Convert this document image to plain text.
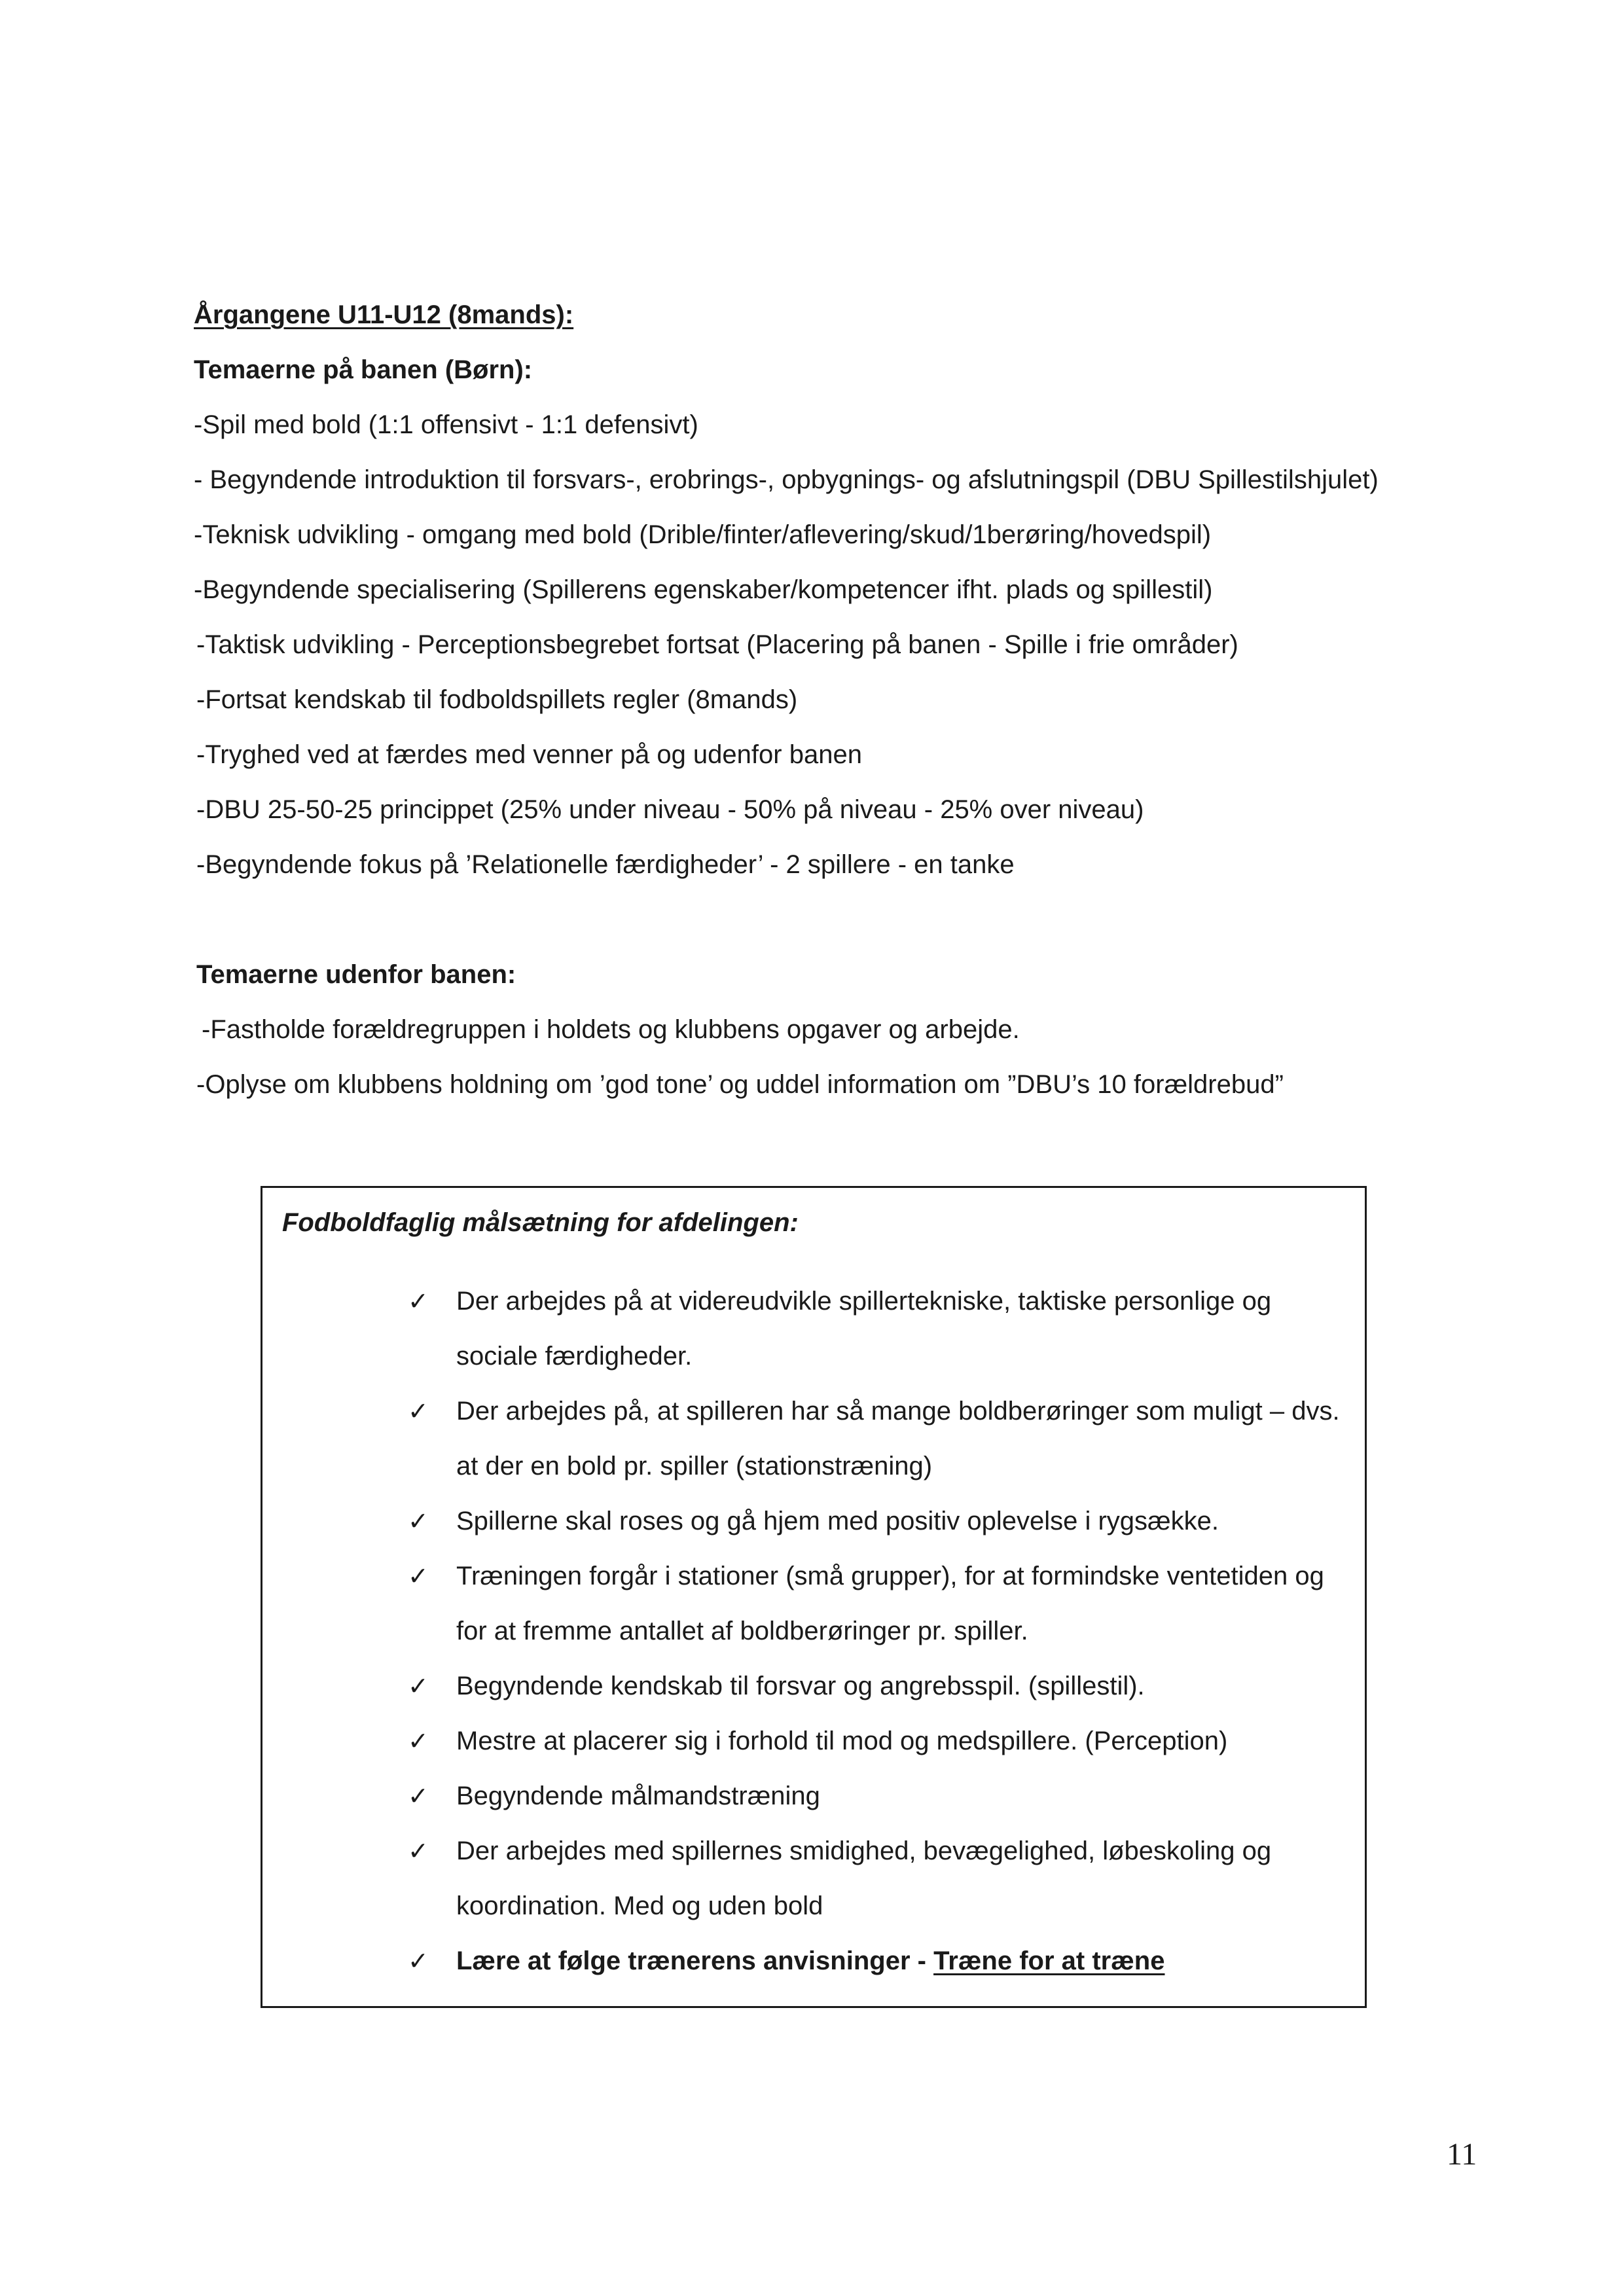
Årgangene U11-U12 (8mands):
Temaerne på banen (Børn):
-Spil med bold (1:1 offensivt - 1:1 defensivt)
- Begyndende introduktion til forsvars-, erobrings-, opbygnings- og afslutningspil (DBU Spillestilshjulet)
-Teknisk udvikling - omgang med bold (Drible/finter/aflevering/skud/1berøring/hovedspil)
-Begyndende specialisering (Spillerens egenskaber/kompetencer ifht. plads og spillestil)
-Taktisk udvikling - Perceptionsbegrebet fortsat (Placering på banen - Spille i frie områder)
-Fortsat kendskab til fodboldspillets regler (8mands)
-Tryghed ved at færdes med venner på og udenfor banen
-DBU 25-50-25 princippet (25% under niveau - 50% på niveau - 25% over niveau)
-Begyndende fokus på ’Relationelle færdigheder’ - 2 spillere - en tanke
Temaerne udenfor banen:
-Fastholde forældregruppen i holdets og klubbens opgaver og arbejde.
-Oplyse om klubbens holdning om ’god tone’ og uddel information om ”DBU’s 10 forældrebud”
Fodboldfaglig målsætning for afdelingen:
✓ Der arbejdes på at videreudvikle spillertekniske, taktiske personlige og sociale færdigheder.
✓ Der arbejdes på, at spilleren har så mange boldberøringer som muligt – dvs. at der en bold pr. spiller (stationstræning)
✓ Spillerne skal roses og gå hjem med positiv oplevelse i rygsække.
✓ Træningen forgår i stationer (små grupper), for at formindske ventetiden og for at fremme antallet af boldberøringer pr. spiller.
✓ Begyndende kendskab til forsvar og angrebsspil. (spillestil).
✓ Mestre at placerer sig i forhold til mod og medspillere. (Perception)
✓ Begyndende målmandstræning
✓ Der arbejdes med spillernes smidighed, bevægelighed, løbeskoling og koordination. Med og uden bold
✓ Lære at følge trænerens anvisninger - Træne for at træne
11
